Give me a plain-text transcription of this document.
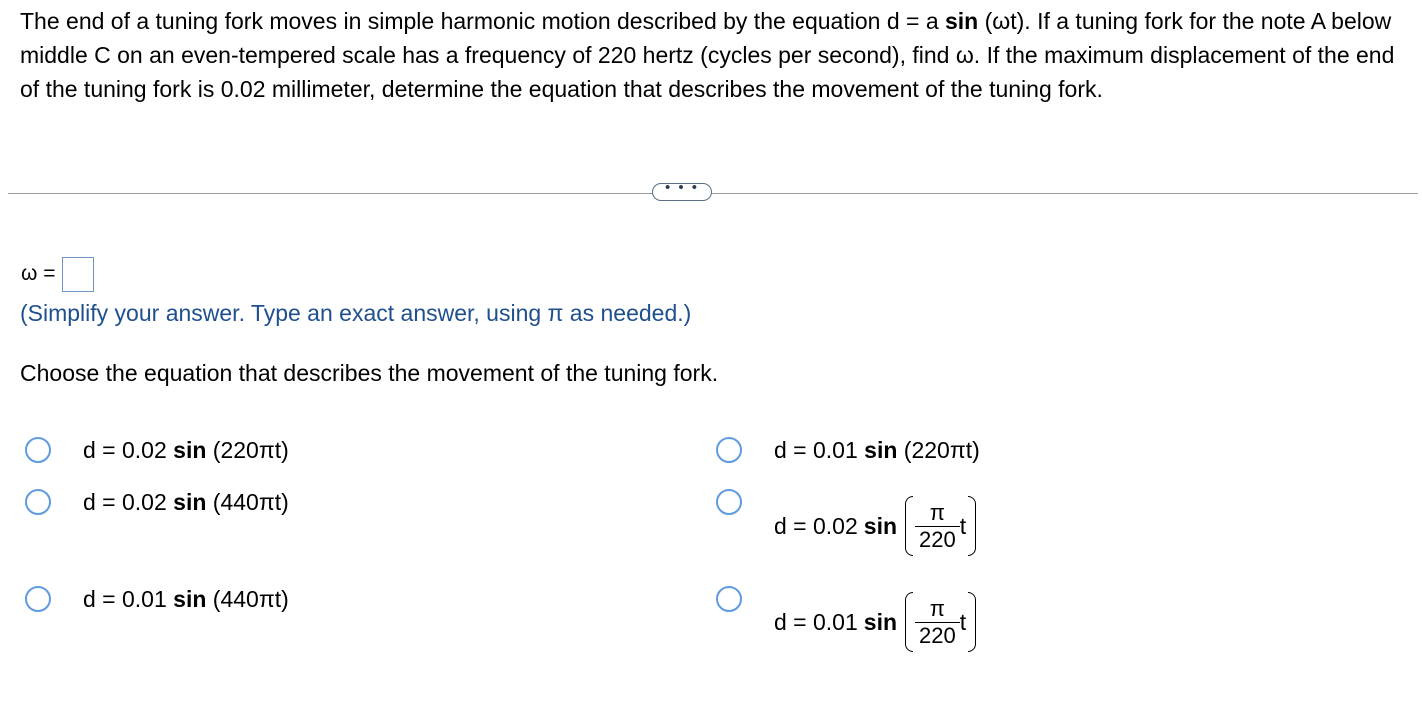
The end of a tuning fork moves in simple harmonic motion described by the equation d = a sin (ωt). If a tuning fork for the note A below middle C on an even-tempered scale has a frequency of 220 hertz (cycles per second), find ω. If the maximum displacement of the end of the tuning fork is 0.02 millimeter, determine the equation that describes the movement of the tuning fork.
• • •
ω =
(Simplify your answer. Type an exact answer, using π as needed.)
Choose the equation that describes the movement of the tuning fork.
d = 0.02 sin (220πt)	d = 0.01 sin (220πt)
d = 0.02 sin (440πt)
d = 0.02 $\sin \frac{\pi}{220}$ t
d = 0.01 sin (440πt)
d = 0.01 $\sin \frac{\pi}{220}$ t
